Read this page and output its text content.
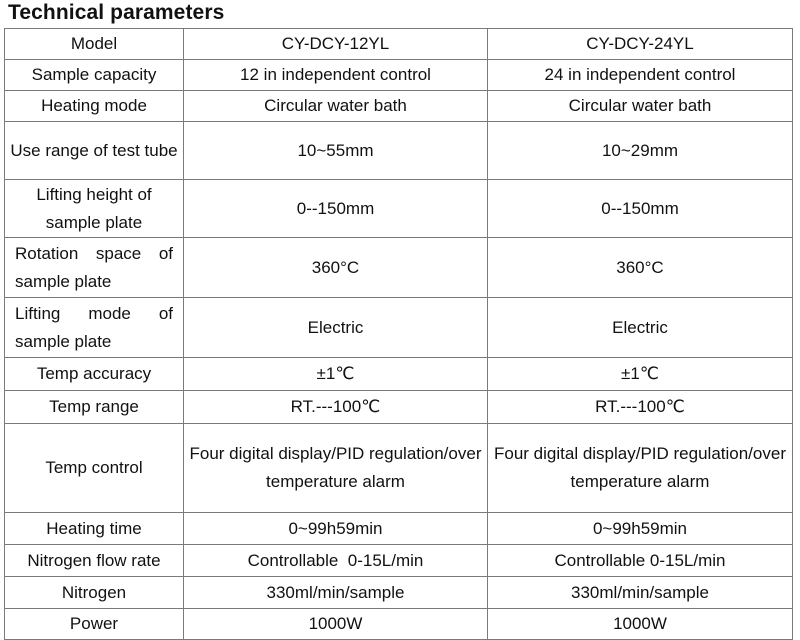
Technical parameters
Model	CY-DCY-12YL	CY-DCY-24YL
Sample capacity	12 in independent control	24 in independent control
Heating mode	Circular water bath	Circular water bath
Use range of test tube	10~55mm	10~29mm
Lifting height of sample plate	0--150mm	0--150mm
Rotation space of sample plate	360°C	360°C
Lifting mode of sample plate	Electric	Electric
Temp accuracy	±1℃	±1℃
Temp range	RT.---100℃	RT.---100℃
Temp control	Four digital display/PID regulation/over temperature alarm	Four digital display/PID regulation/over temperature alarm
Heating time	0~99h59min	0~99h59min
Nitrogen flow rate	Controllable  0-15L/min	Controllable 0-15L/min
Nitrogen	330ml/min/sample	330ml/min/sample
Power	1000W	1000W
